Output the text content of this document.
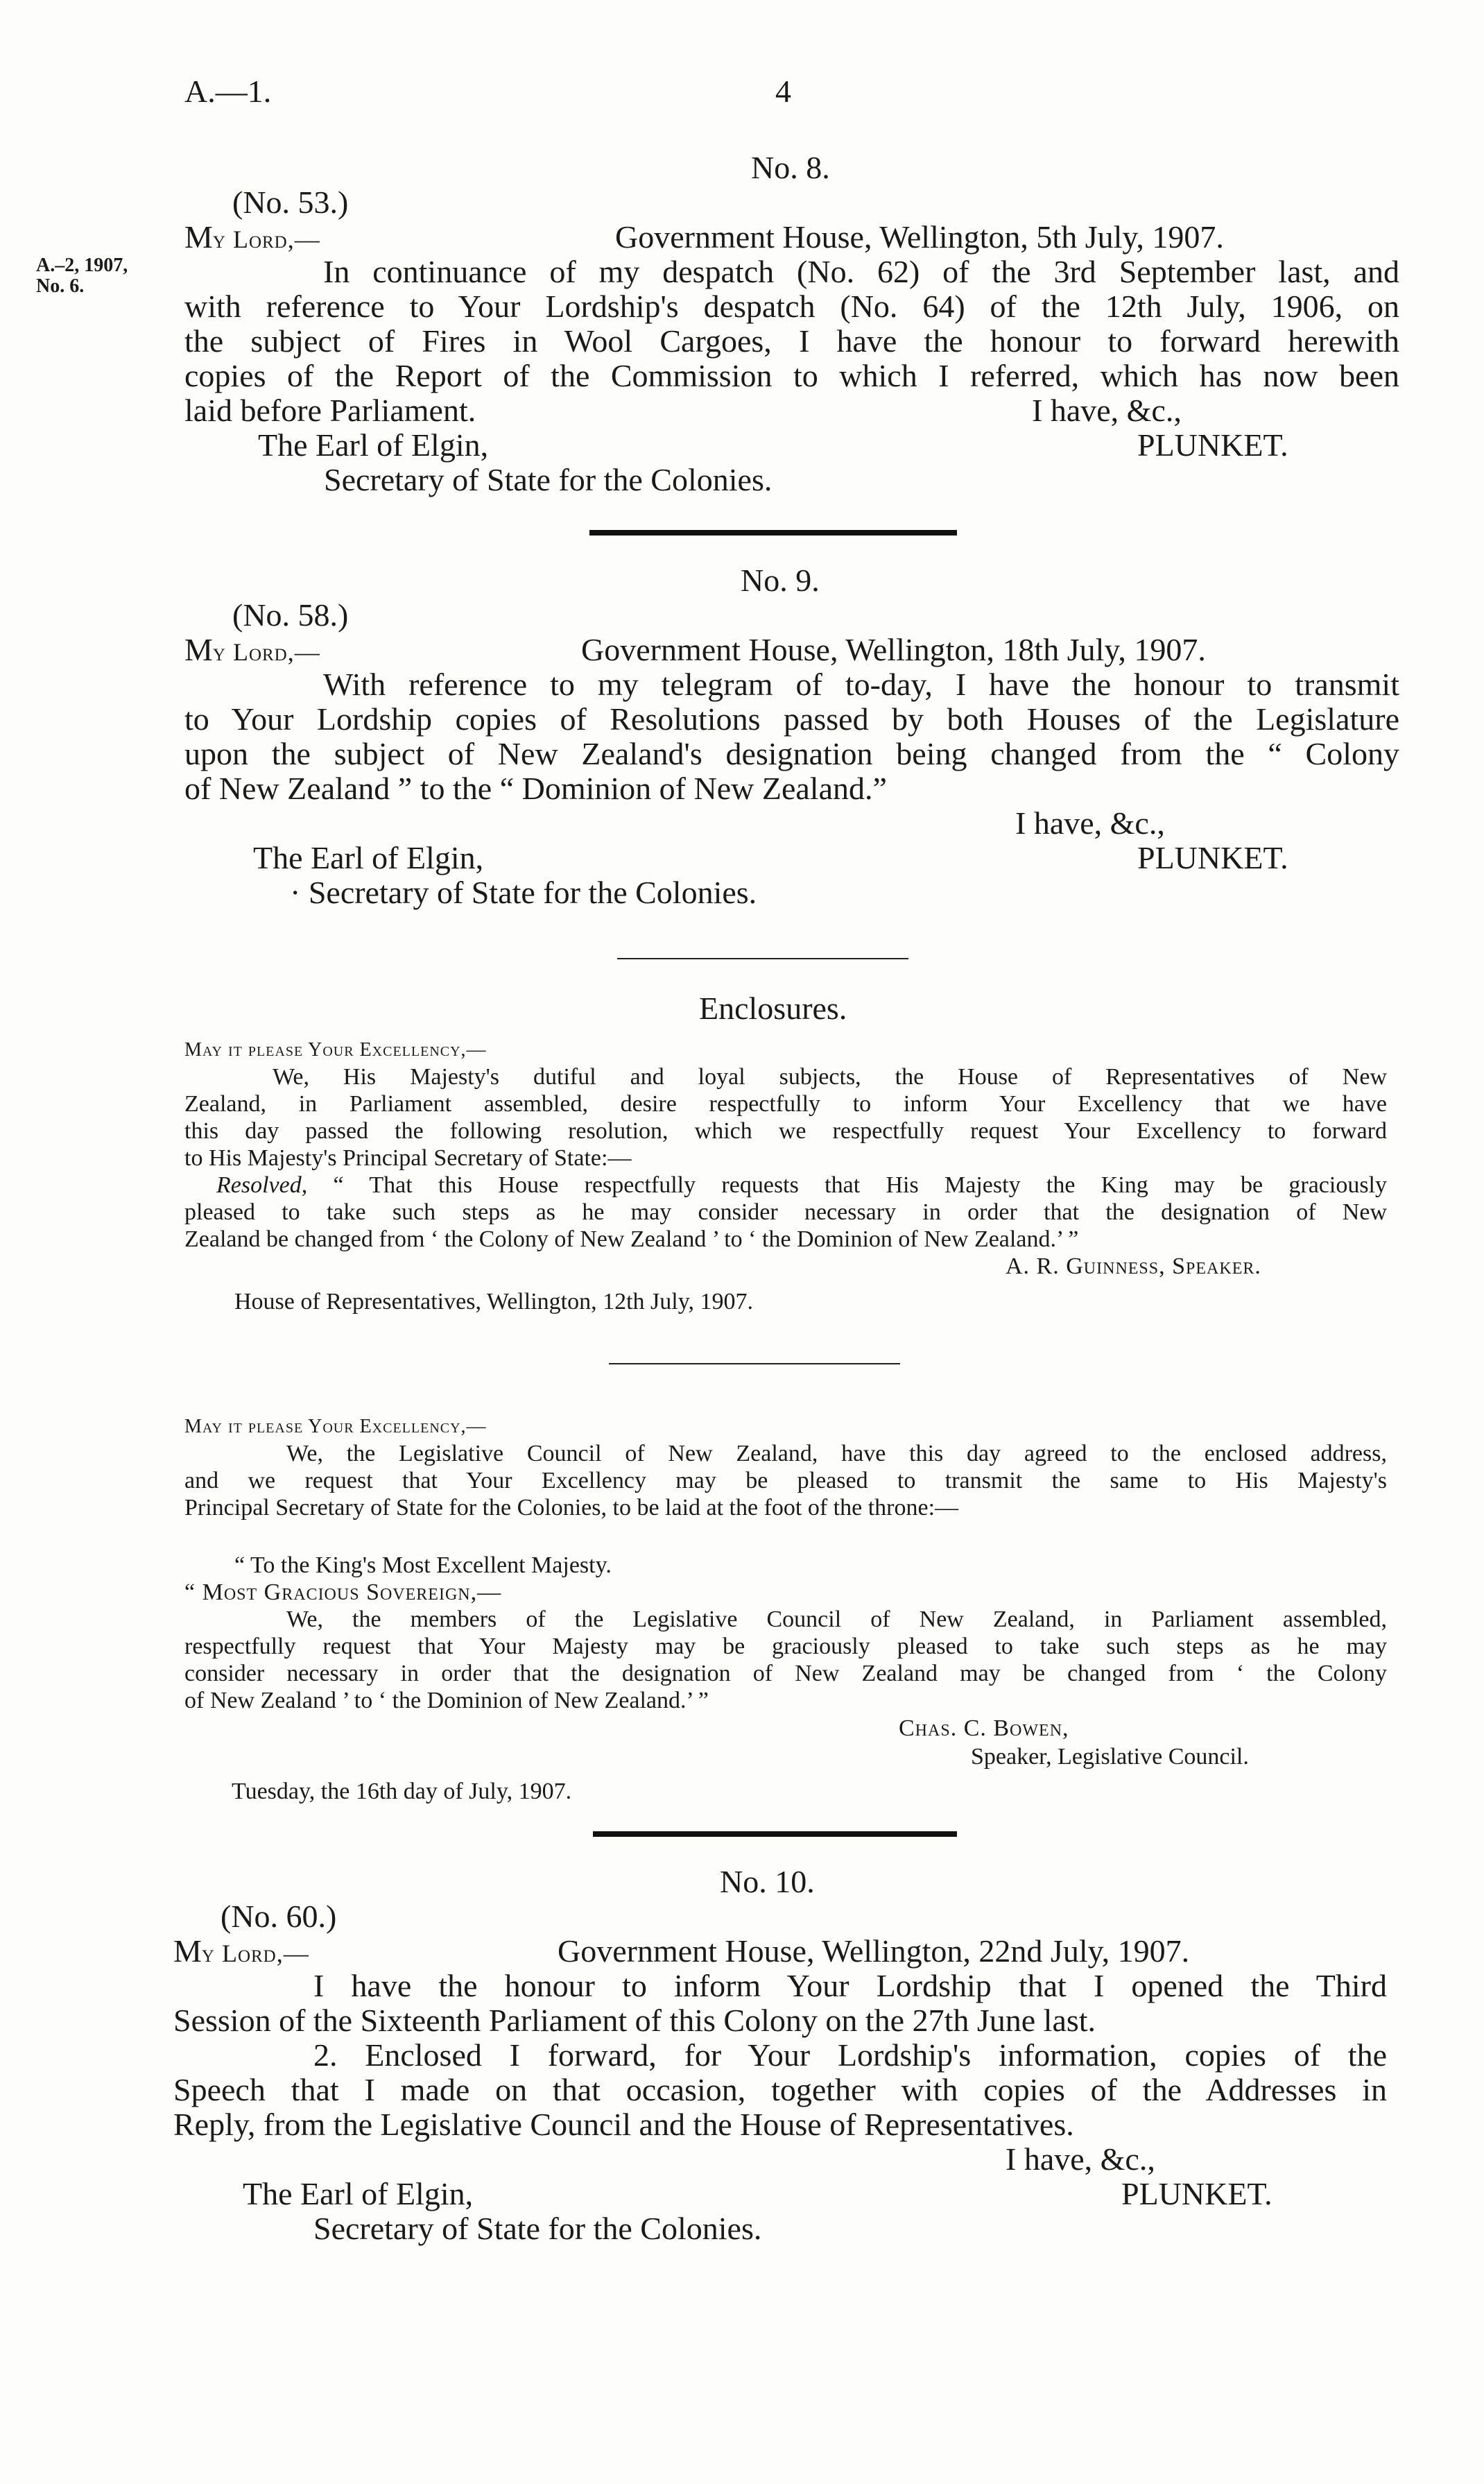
A.—1.	4
No. 8.
(No. 53.)
My Lord,—	Government House, Wellington, 5th July, 1907.
A.–2, 1907,
No. 6.	In continuance of my despatch (No. 62) of the 3rd September last, and
with reference to Your Lordship's despatch (No. 64) of the 12th July, 1906, on
the subject of Fires in Wool Cargoes, I have the honour to forward herewith
copies of the Report of the Commission to which I referred, which has now been
laid before Parliament.	I have, &c.,
The Earl of Elgin,	PLUNKET.
Secretary of State for the Colonies.
No. 9.
(No. 58.)
My Lord,—	Government House, Wellington, 18th July, 1907.
With reference to my telegram of to-day, I have the honour to transmit
to Your Lordship copies of Resolutions passed by both Houses of the Legislature
upon the subject of New Zealand's designation being changed from the “ Colony
of New Zealand ” to the “ Dominion of New Zealand.”
I have, &c.,
The Earl of Elgin,	PLUNKET.
· Secretary of State for the Colonies.
Enclosures.
May it please Your Excellency,—
We, His Majesty's dutiful and loyal subjects, the House of Representatives of New
Zealand, in Parliament assembled, desire respectfully to inform Your Excellency that we have
this day passed the following resolution, which we respectfully request Your Excellency to forward
to His Majesty's Principal Secretary of State:—
Resolved, “ That this House respectfully requests that His Majesty the King may be graciously
pleased to take such steps as he may consider necessary in order that the designation of New
Zealand be changed from ‘ the Colony of New Zealand ’ to ‘ the Dominion of New Zealand.’ ”
A. R. Guinness, Speaker.
House of Representatives, Wellington, 12th July, 1907.
May it please Your Excellency,—
We, the Legislative Council of New Zealand, have this day agreed to the enclosed address,
and we request that Your Excellency may be pleased to transmit the same to His Majesty's
Principal Secretary of State for the Colonies, to be laid at the foot of the throne:—
“ To the King's Most Excellent Majesty.
“ Most Gracious Sovereign,—
We, the members of the Legislative Council of New Zealand, in Parliament assembled,
respectfully request that Your Majesty may be graciously pleased to take such steps as he may
consider necessary in order that the designation of New Zealand may be changed from ‘ the Colony
of New Zealand ’ to ‘ the Dominion of New Zealand.’ ”
Chas. C. Bowen,
Speaker, Legislative Council.
Tuesday, the 16th day of July, 1907.
No. 10.
(No. 60.)
My Lord,—	Government House, Wellington, 22nd July, 1907.
I have the honour to inform Your Lordship that I opened the Third
Session of the Sixteenth Parliament of this Colony on the 27th June last.
2. Enclosed I forward, for Your Lordship's information, copies of the
Speech that I made on that occasion, together with copies of the Addresses in
Reply, from the Legislative Council and the House of Representatives.
I have, &c.,
The Earl of Elgin,	PLUNKET.
Secretary of State for the Colonies.
